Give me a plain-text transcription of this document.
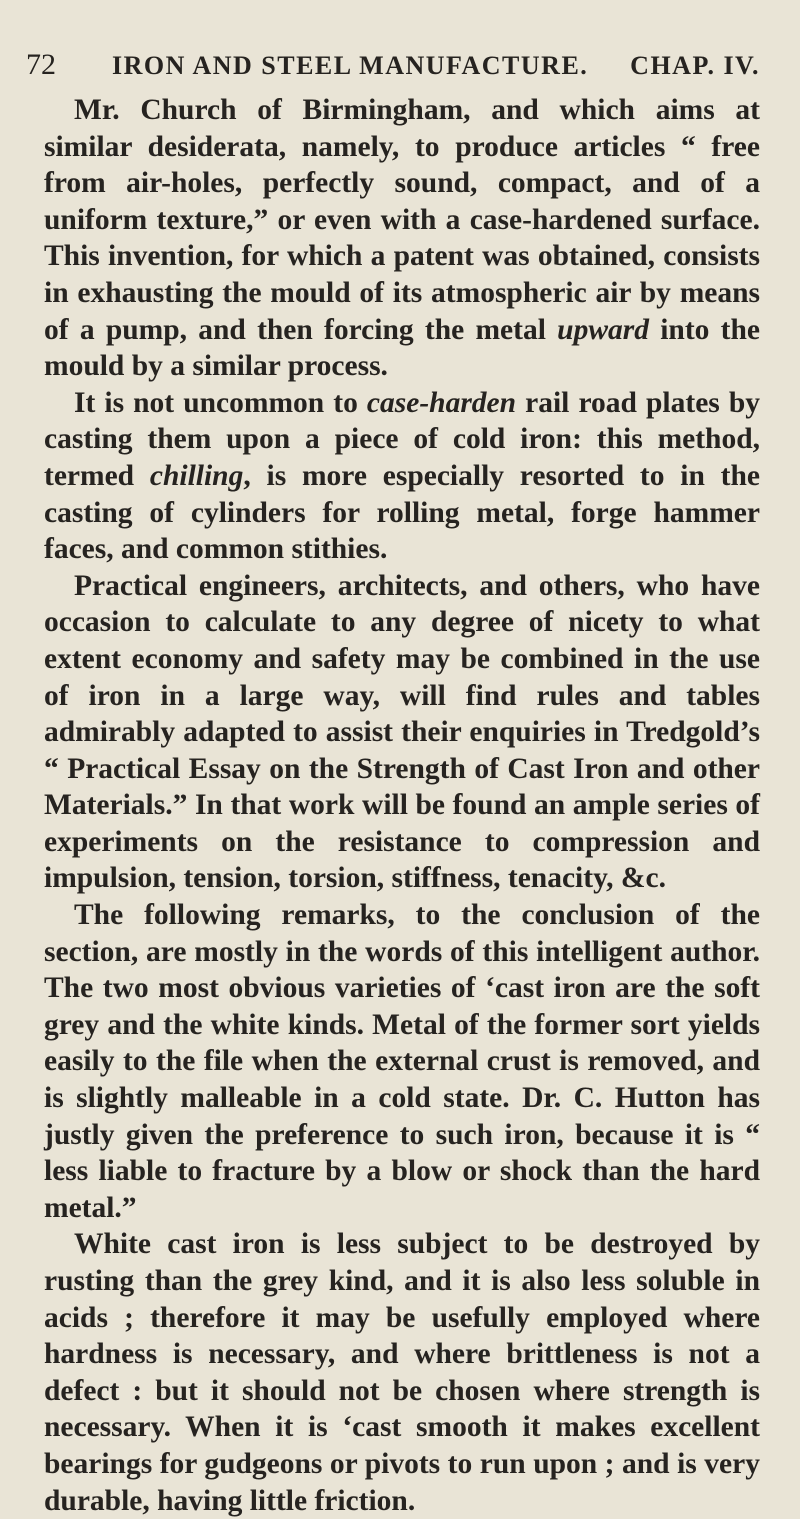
72 IRON AND STEEL MANUFACTURE.	CHAP. IV.

Mr. Church of Birmingham, and which aims at similar desiderata, namely, to produce articles “ free from air-holes, perfectly sound, compact, and of a uniform texture,” or even with a case-hardened surface. This invention, for which a patent was obtained, consists in exhausting the mould of its atmospheric air by means of a pump, and then forcing the metal upward into the mould by a similar process.

It is not uncommon to case-harden rail road plates by casting them upon a piece of cold iron: this method, termed chilling, is more especially resorted to in the casting of cylinders for rolling metal, forge hammer faces, and common stithies.

Practical engineers, architects, and others, who have occasion to calculate to any degree of nicety to what extent economy and safety may be combined in the use of iron in a large way, will find rules and tables admirably adapted to assist their enquiries in Tredgold’s “ Practical Essay on the Strength of Cast Iron and other Materials.” In that work will be found an ample series of experiments on the resistance to compression and impulsion, tension, torsion, stiffness, tenacity, &c.

The following remarks, to the conclusion of the section, are mostly in the words of this intelligent author. The two most obvious varieties of ‘cast iron are the soft grey and the white kinds. Metal of the former sort yields easily to the file when the external crust is removed, and is slightly malleable in a cold state. Dr. C. Hutton has justly given the preference to such iron, because it is “ less liable to fracture by a blow or shock than the hard metal.”

White cast iron is less subject to be destroyed by rusting than the grey kind, and it is also less soluble in acids ; therefore it may be usefully employed where hardness is necessary, and where brittleness is not a defect : but it should not be chosen where strength is necessary. When it is ‘cast smooth it makes excellent bearings for gudgeons or pivots to run upon ; and is very durable, having little friction.
